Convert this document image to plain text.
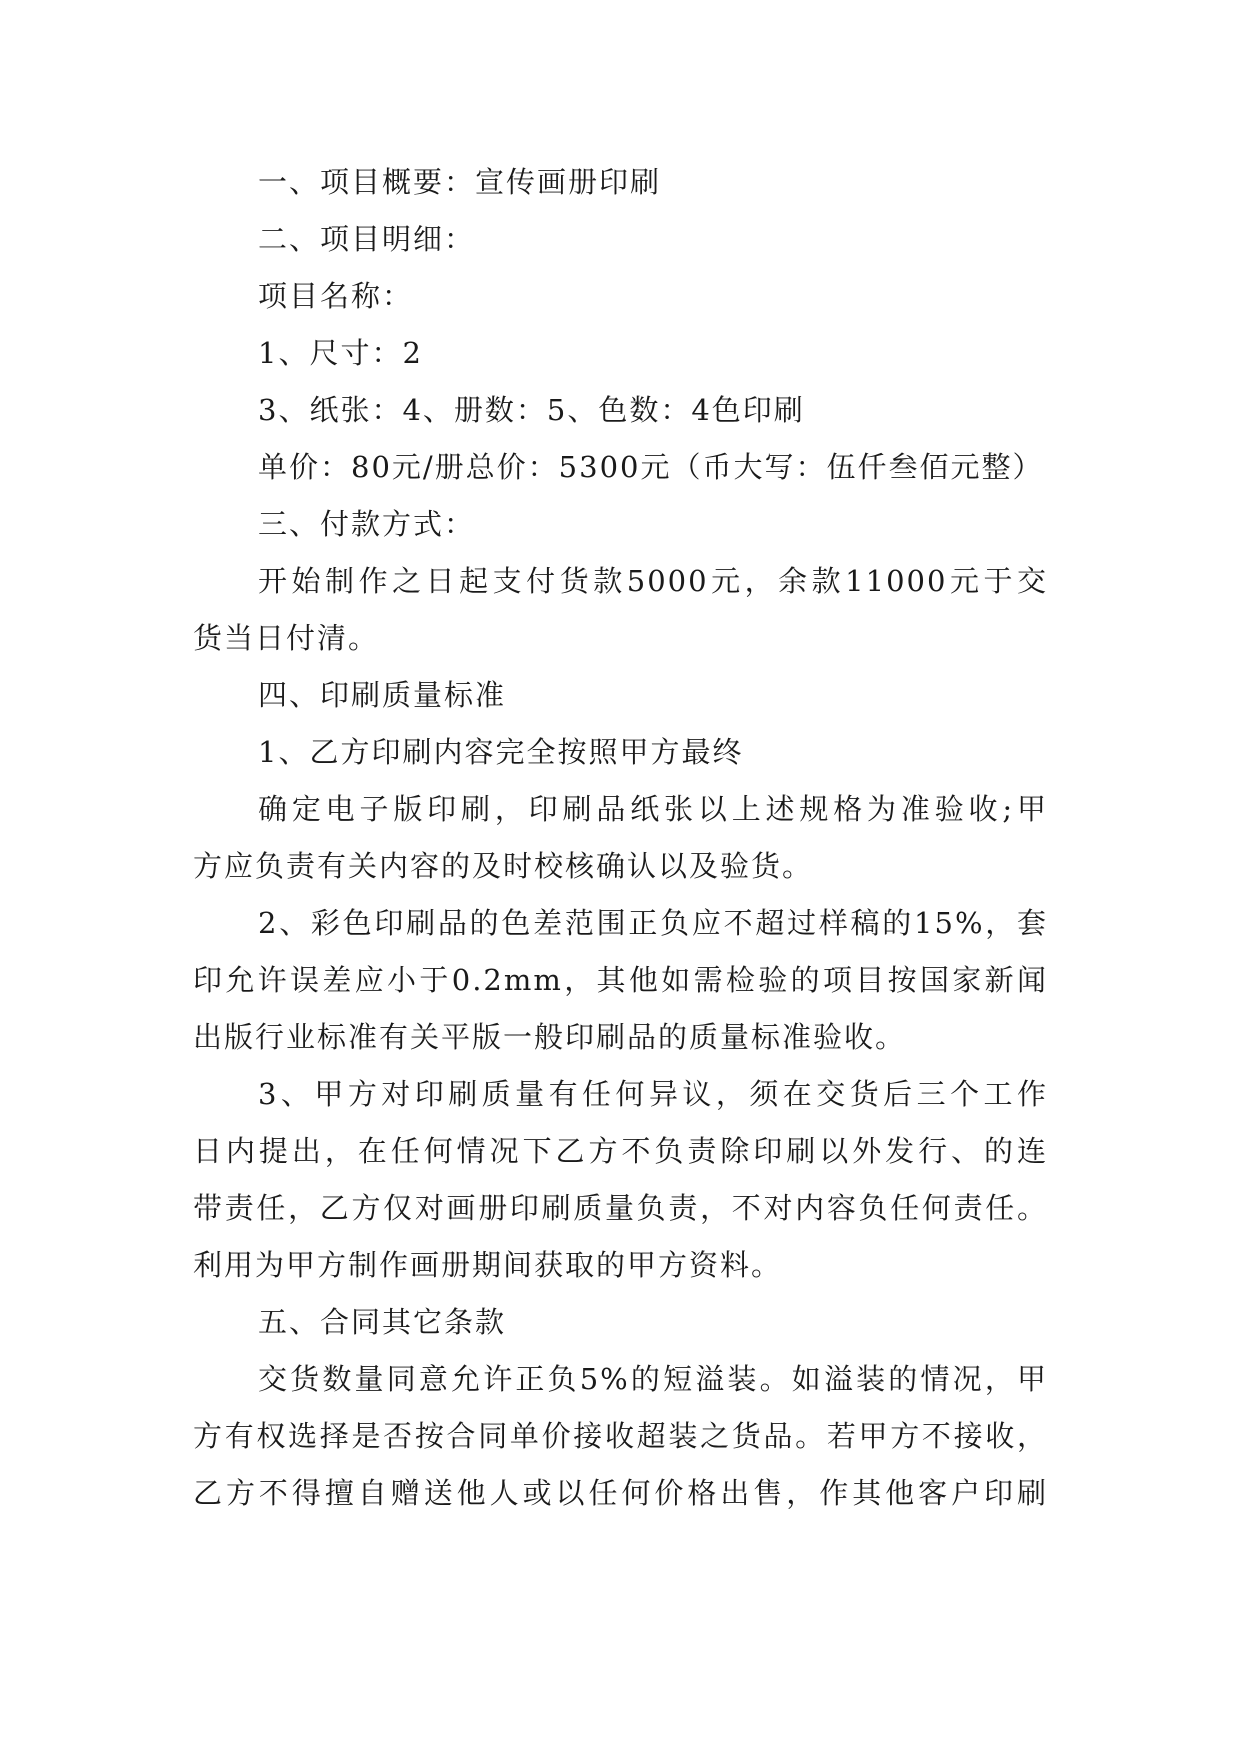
一、项目概要：宣传画册印刷
二、项目明细：
项目名称：
1、尺寸：2
3、纸张：4、册数：5、色数：4色印刷
单价：80元/册总价：5300元（币大写：伍仟叁佰元整）
三、付款方式：
开始制作之日起支付货款5000元，余款11000元于交
货当日付清。
四、印刷质量标准
1、乙方印刷内容完全按照甲方最终
确定电子版印刷，印刷品纸张以上述规格为准验收;甲
方应负责有关内容的及时校核确认以及验货。
2、彩色印刷品的色差范围正负应不超过样稿的15%，套
印允许误差应小于0.2mm，其他如需检验的项目按国家新闻
出版行业标准有关平版一般印刷品的质量标准验收。
3、甲方对印刷质量有任何异议，须在交货后三个工作
日内提出，在任何情况下乙方不负责除印刷以外发行、的连
带责任，乙方仅对画册印刷质量负责，不对内容负任何责任。
利用为甲方制作画册期间获取的甲方资料。
五、合同其它条款
交货数量同意允许正负5%的短溢装。如溢装的情况，甲
方有权选择是否按合同单价接收超装之货品。若甲方不接收，
乙方不得擅自赠送他人或以任何价格出售，作其他客户印刷
